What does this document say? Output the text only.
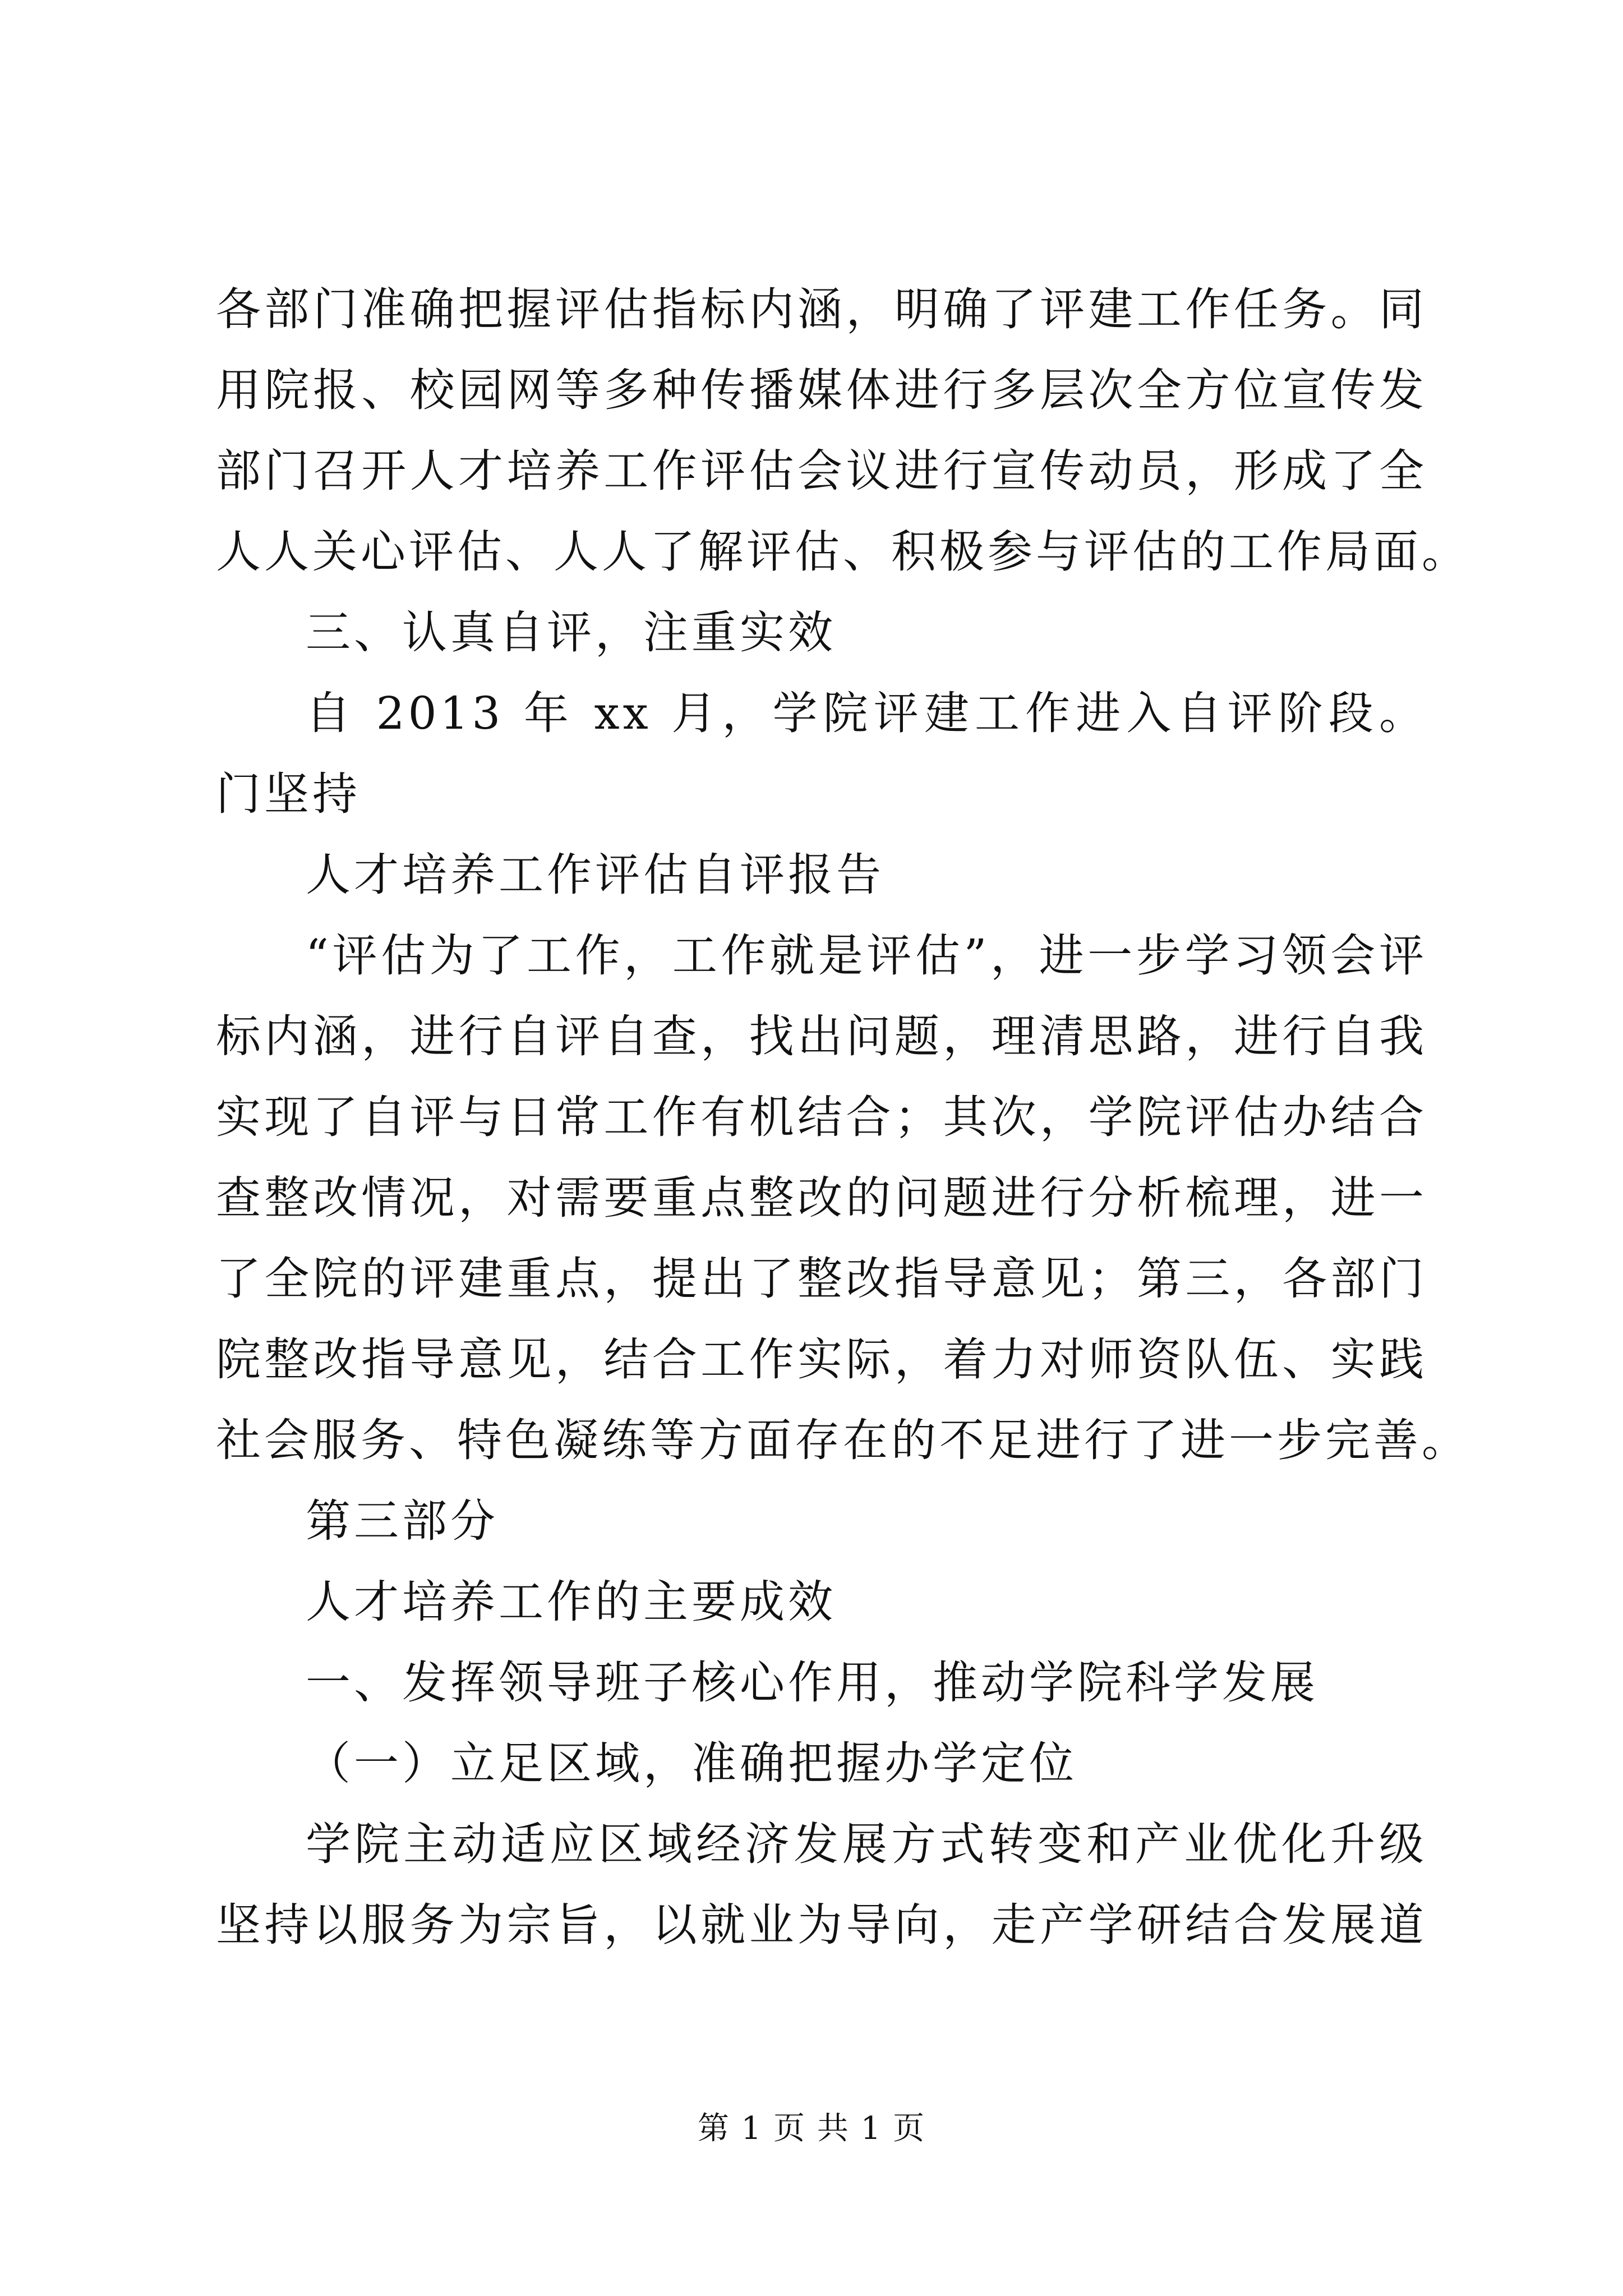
各部门准确把握评估指标内涵，明确了评建工作任务。同
用院报、校园网等多种传播媒体进行多层次全方位宣传发
部门召开人才培养工作评估会议进行宣传动员，形成了全
人人关心评估、人人了解评估、积极参与评估的工作局面。
三、认真自评，注重实效
自 2013 年 xx 月，学院评建工作进入自评阶段。
门坚持
人才培养工作评估自评报告
“评估为了工作，工作就是评估”，进一步学习领会评
标内涵，进行自评自查，找出问题，理清思路，进行自我
实现了自评与日常工作有机结合；其次，学院评估办结合
查整改情况，对需要重点整改的问题进行分析梳理，进一
了全院的评建重点，提出了整改指导意见；第三，各部门
院整改指导意见，结合工作实际，着力对师资队伍、实践
社会服务、特色凝练等方面存在的不足进行了进一步完善。
第三部分
人才培养工作的主要成效
一、发挥领导班子核心作用，推动学院科学发展
（一）立足区域，准确把握办学定位
学院主动适应区域经济发展方式转变和产业优化升级
坚持以服务为宗旨，以就业为导向，走产学研结合发展道
第 1 页 共 1 页
